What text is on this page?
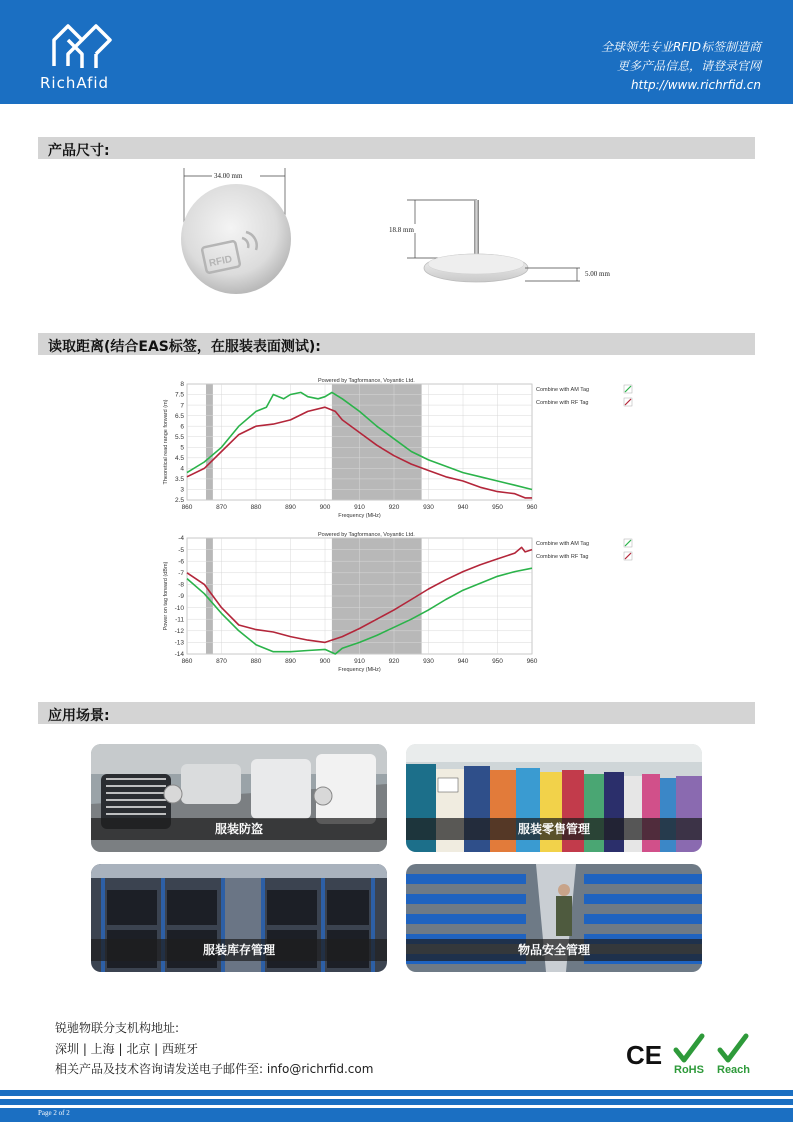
RichAfid
全球领先专业RFID标签制造商
更多产品信息，请登录官网
http://www.richrfid.cn
产品尺寸:
34.00 mm
RFID
18.8 mm
5.00 mm
读取距离(结合EAS标签，在服装表面测试):
860	870	880	890	900	910	920	930	940	950	960
2.5
3
3.5
4
4.5
5
5.5
6
6.5
7
7.5
8
Powered by Tagformance, Voyantic Ltd.
Frequency (MHz)
Theoretical read range forward (m)
Combine with AM Tag
Combine with RF Tag
860	870	880	890	900	910	920	930	940	950	960
-14
-13
-12
-11
-10
-9
-8
-7
-6
-5
-4
Powered by Tagformance, Voyantic Ltd.
Frequency (MHz)
Power on tag forward (dBm)
Combine with AM Tag
Combine with RF Tag
应用场景:
服装防盗	服装零售管理
服装库存管理	物品安全管理
锐驰物联分支机构地址:
深圳 | 上海 | 北京 | 西班牙
相关产品及技术咨询请发送电子邮件至: info@richrfid.com	CE RoHS Reach
Page 2 of 2
